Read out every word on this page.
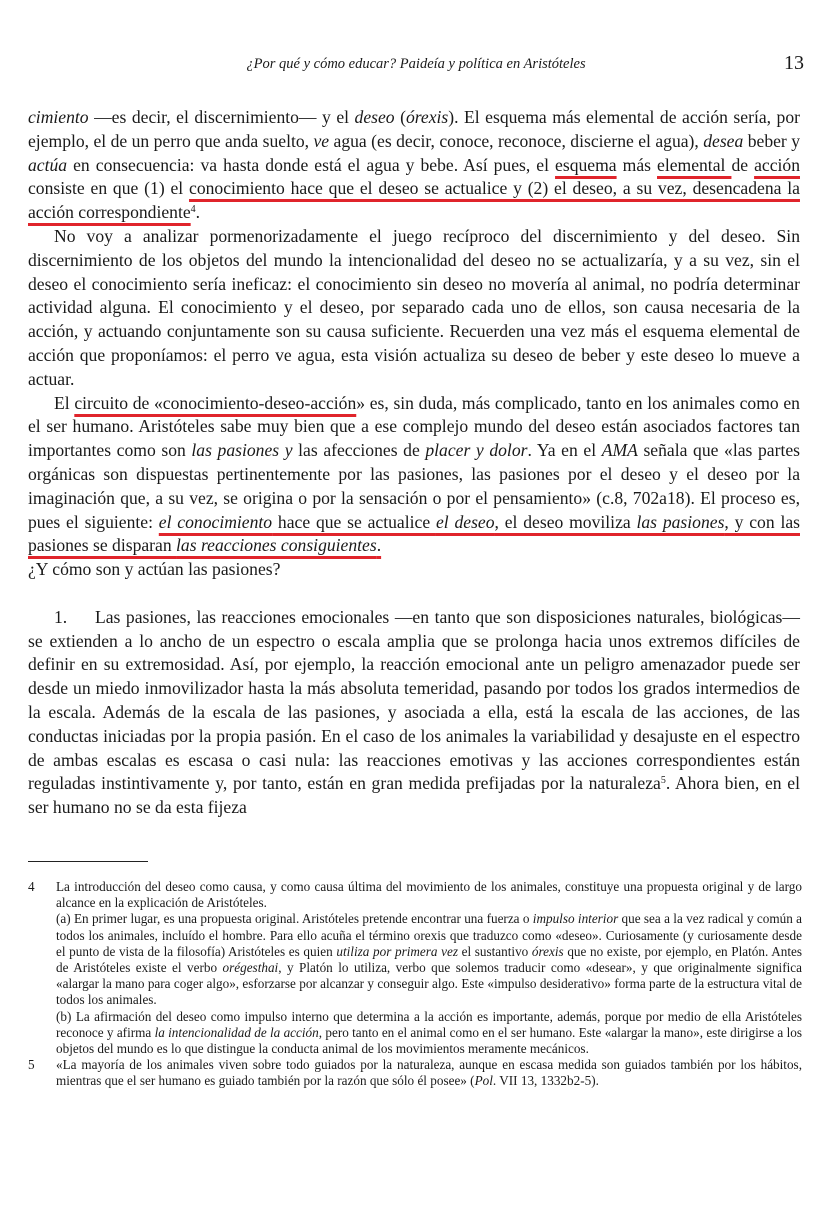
¿Por qué y cómo educar? Paideía y política en Aristóteles	13

cimiento —es decir, el discernimiento— y el deseo (órexis). El esquema más elemental de acción sería, por ejemplo, el de un perro que anda suelto, ve agua (es decir, conoce, reconoce, discierne el agua), desea beber y actúa en consecuencia: va hasta donde está el agua y bebe. Así pues, el esquema más elemental de acción consiste en que (1) el conocimiento hace que el deseo se actualice y (2) el deseo, a su vez, desencadena la acción correspondiente$^4$.

No voy a analizar pormenorizadamente el juego recíproco del discernimiento y del deseo. Sin discernimiento de los objetos del mundo la intencionalidad del deseo no se actualizaría, y a su vez, sin el deseo el conocimiento sería ineficaz: el conocimiento sin deseo no movería al animal, no podría determinar actividad alguna. El conocimiento y el deseo, por separado cada uno de ellos, son causa necesaria de la acción, y actuando conjuntamente son su causa suficiente. Recuerden una vez más el esquema elemental de acción que proponíamos: el perro ve agua, esta visión actualiza su deseo de beber y este deseo lo mueve a actuar.

El circuito de «conocimiento-deseo-acción» es, sin duda, más complicado, tanto en los animales como en el ser humano. Aristóteles sabe muy bien que a ese complejo mundo del deseo están asociados factores tan importantes como son las pasiones y las afecciones de placer y dolor. Ya en el AMA señala que «las partes orgánicas son dispuestas pertinentemente por las pasiones, las pasiones por el deseo y el deseo por la imaginación que, a su vez, se origina o por la sensación o por el pensamiento» (c.8, 702a18). El proceso es, pues el siguiente: el conocimiento hace que se actualice el deseo, el deseo moviliza las pasiones, y con las pasiones se disparan las reacciones consiguientes.
¿Y cómo son y actúan las pasiones?

1. Las pasiones, las reacciones emocionales —en tanto que son disposiciones naturales, biológicas— se extienden a lo ancho de un espectro o escala amplia que se prolonga hacia unos extremos difíciles de definir en su extremosidad. Así, por ejemplo, la reacción emocional ante un peligro amenazador puede ser desde un miedo inmovilizador hasta la más absoluta temeridad, pasando por todos los grados intermedios de la escala. Además de la escala de las pasiones, y asociada a ella, está la escala de las acciones, de las conductas iniciadas por la propia pasión. En el caso de los animales la variabilidad y desajuste en el espectro de ambas escalas es escasa o casi nula: las reacciones emotivas y las acciones correspondientes están reguladas instintivamente y, por tanto, están en gran medida prefijadas por la naturaleza$^5$. Ahora bien, en el ser humano no se da esta fijeza

4	La introducción del deseo como causa, y como causa última del movimiento de los animales, constituye una propuesta original y de largo alcance en la explicación de Aristóteles.

(a) En primer lugar, es una propuesta original. Aristóteles pretende encontrar una fuerza o impulso interior que sea a la vez radical y común a todos los animales, incluído el hombre. Para ello acuña el término orexis que traduzco como «deseo». Curiosamente (y curiosamente desde el punto de vista de la filosofía) Aristóteles es quien utiliza por primera vez el sustantivo órexis que no existe, por ejemplo, en Platón. Antes de Aristóteles existe el verbo orégesthai, y Platón lo utiliza, verbo que solemos traducir como «desear», y que originalmente significa «alargar la mano para coger algo», esforzarse por alcanzar y conseguir algo. Este «impulso desiderativo» forma parte de la estructura vital de todos los animales.

(b) La afirmación del deseo como impulso interno que determina a la acción es importante, además, porque por medio de ella Aristóteles reconoce y afirma la intencionalidad de la acción, pero tanto en el animal como en el ser humano. Este «alargar la mano», este dirigirse a los objetos del mundo es lo que distingue la conducta animal de los movimientos meramente mecánicos.

5	«La mayoría de los animales viven sobre todo guiados por la naturaleza, aunque en escasa medida son guiados también por los hábitos, mientras que el ser humano es guiado también por la razón que sólo él posee» (Pol. VII 13, 1332b2-5).
